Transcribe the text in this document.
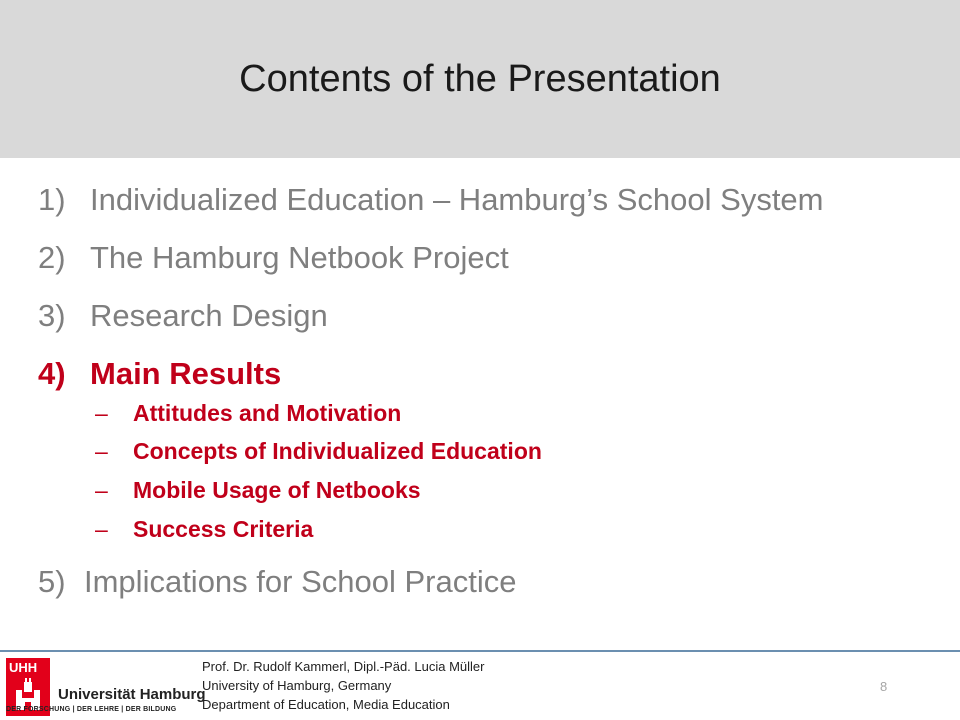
Contents of the Presentation
1) Individualized Education – Hamburg’s School System
2) The Hamburg Netbook Project
3) Research Design
4) Main Results
– Attitudes and Motivation
– Concepts of Individualized Education
– Mobile Usage of Netbooks
– Success Criteria
5) Implications for School Practice
UHH
Universität Hamburg
DER FORSCHUNG | DER LEHRE | DER BILDUNG
Prof. Dr. Rudolf Kammerl, Dipl.-Päd. Lucia Müller
University of Hamburg, Germany
Department of Education, Media Education
8
